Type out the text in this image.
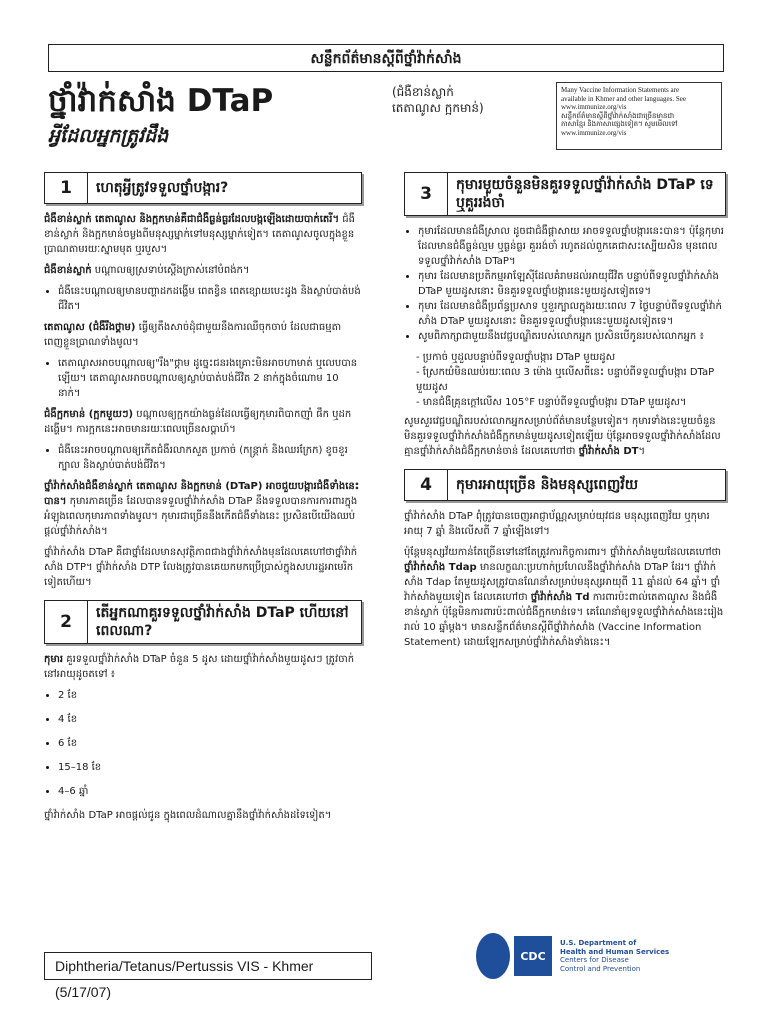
សន្លឹកព័ត៌មានស្តីពីថ្នាំវ៉ាក់សាំង
ថ្នាំវ៉ាក់សាំង DTaP
អ្វីដែលអ្នកត្រូវដឹង
(ជំងឺខាន់ស្លាក់
តេតាណូស ក្អកមាន់)
Many Vaccine Information Statements are
available in Khmer and other languages. See
www.immunize.org/vis
សន្លឹកព័ត៌មានស្តីពីថ្នាំវ៉ាក់សាំងជាច្រើនមានជា
ភាសាខ្មែរ និងភាសាផ្សេងទៀត។ សូមមើលទៅ
www.immunize.org/vis
1	ហេតុអ្វីត្រូវទទួលថ្នាំបង្ការ?

ជំងឺខាន់ស្លាក់ តេតាណូស និងក្អកមាន់គឺជាជំងឺធ្ងន់ធ្ងរដែលបង្កឡើងដោយបាក់តេរី។ ជំងឺខាន់ស្លាក់ និងក្អកមាន់ចម្លងពីមនុស្សម្នាក់ទៅមនុស្សម្នាក់ទៀត។ តេតាណូសចូលក្នុងខ្លួនប្រាណតាមរយៈស្នាមមុត ឬរបួស។

ជំងឺខាន់ស្លាក់ បណ្តាលឲ្យស្រទាប់ស្តើងក្រាស់នៅបំពង់ក។

• ជំងឺនេះបណ្តាលឲ្យមានបញ្ហាដកដង្ហើម ពេតខ្វិន ពេតខ្សោយបេះដូង និងស្លាប់បាត់បង់ជីវិត។

តេតាណូស (ជំងឺរឹងថ្គាម) ធ្វើឲ្យតឹងសាច់ដុំជាមួយនឹងការឈឺចុកចាប់ ដែលជាធម្មតា ពេញខ្លួនប្រាណទាំងមូល។

• តេតាណូសអាចបណ្តាលឲ្យ"រឹង"ថ្គាម ដូច្នេះជនរងគ្រោះមិនអាចហាមាត់ ឬលេបបានឡើយ។ តេតាណូសអាចបណ្តាលឲ្យស្លាប់បាត់បង់ជីវិត 2 នាក់ក្នុងចំណោម 10 នាក់។

ជំងឺក្អកមាន់ (ក្អកមួយៗ) បណ្តាលឲ្យក្អកយ៉ាងធ្ងន់ដែលធ្វើឲ្យកុមារពិបាកញ៉ាំ ផឹក ឬដកដង្ហើម។ ការក្អកនេះអាចមានរយៈពេលច្រើនសប្តាហ៍។

• ជំងឺនេះអាចបណ្តាលឲ្យកើតជំងឺរលាកសួត ប្រកាច់ (កន្ត្រាក់ និងឈរក្រែក) ខូចខួរក្បាល និងស្លាប់បាត់បង់ជីវិត។

ថ្នាំវ៉ាក់សាំងជំងឺខាន់ស្លាក់ តេតាណូស និងក្អកមាន់ (DTaP) អាចជួយបង្ការជំងឺទាំងនេះបាន។ កុមារភាគច្រើន ដែលបានទទួលថ្នាំវ៉ាក់សាំង DTaP នឹងទទួលបានការការពារក្នុងអំឡុងពេលកុមារភាពទាំងមូល។ កុមារជាច្រើននឹងកើតជំងឺទាំងនេះ ប្រសិនបើយើងឈប់ផ្តល់ថ្នាំវ៉ាក់សាំង។

ថ្នាំវ៉ាក់សាំង DTaP គឺជាថ្នាំដែលមានសុវត្ថិភាពជាងថ្នាំវ៉ាក់សាំងមុនដែលគេហៅថាថ្នាំវ៉ាក់សាំង DTP។ ថ្នាំវ៉ាក់សាំង DTP លែងត្រូវបានគេយកមកប្រើប្រាស់ក្នុងសហរដ្ឋអាមេរិកទៀតហើយ។

2	តើអ្នកណាគួរទទួលថ្នាំវ៉ាក់សាំង DTaP ហើយនៅពេលណា?

កុមារ គួរទទួលថ្នាំវ៉ាក់សាំង DTaP ចំនួន 5 ដូស ដោយថ្នាំវ៉ាក់សាំងមួយដូសៗ ត្រូវចាក់នៅអាយុដូចតទៅ ៖

• 2 ខែ
• 4 ខែ
• 6 ខែ
• 15–18 ខែ
• 4–6 ឆ្នាំ

ថ្នាំវ៉ាក់សាំង DTaP អាចផ្តល់ជូន ក្នុងពេលដំណាលគ្នានឹងថ្នាំវ៉ាក់សាំងដទៃទៀត។

3	កុមារមួយចំនួនមិនគួរទទួលថ្នាំវ៉ាក់សាំង DTaP ទេ ឬគួររង់ចាំ
• កុមារដែលមានជំងឺស្រាល ដូចជាជំងឺផ្តាសាយ អាចទទួលថ្នាំបង្ការនេះបាន។ ប៉ុន្តែកុមារ ដែលមានជំងឺធ្ងន់ល្មម ឬធ្ងន់ធ្ងរ គួររង់ចាំ រហូតដល់ពួកគេជាសះស្បើយសិន មុនពេលទទួលថ្នាំវ៉ាក់សាំង DTaP។
• កុមារ ដែលមានប្រតិកម្មអាឡែស៊ីដែលគំរាមដល់អាយុជីវិត បន្ទាប់ពីទទួលថ្នាំវ៉ាក់សាំង DTaP មួយដូសនោះ មិនគួរទទួលថ្នាំបង្ការនេះមួយដូសទៀតទេ។
• កុមារ ដែលមានជំងឺប្រព័ន្ធប្រសាទ ឬខួរក្បាលក្នុងរយៈពេល 7 ថ្ងៃបន្ទាប់ពីទទួលថ្នាំវ៉ាក់សាំង DTaP មួយដូសនោះ មិនគួរទទួលថ្នាំបង្ការនេះមួយដូសទៀតទេ។
• សូមពិភាក្សាជាមួយនឹងវេជ្ជបណ្ឌិតរបស់លោកអ្នក ប្រសិនបើកូនរបស់លោកអ្នក ៖
- ប្រកាច់ ឬដួលបន្ទាប់ពីទទួលថ្នាំបង្ការ DTaP មួយដូស
- ស្រែកយំមិនឈប់រយៈពេល 3 ម៉ោង ឬលើសពីនេះ បន្ទាប់ពីទទួលថ្នាំបង្ការ DTaP មួយដូស
- មានជំងឺគ្រុនក្តៅលើស 105°F បន្ទាប់ពីទទួលថ្នាំបង្ការ DTaP មួយដូស។

សូមសួរវេជ្ជបណ្ឌិតរបស់លោកអ្នកសម្រាប់ព័ត៌មានបន្ថែមទៀត។ កុមារទាំងនេះមួយចំនួនមិនគួរទទួលថ្នាំវ៉ាក់សាំងជំងឺក្អកមាន់មួយដូសទៀតឡើយ ប៉ុន្តែអាចទទួលថ្នាំវ៉ាក់សាំងដែលគ្មានថ្នាំវ៉ាក់សាំងជំងឺក្អកមាន់ចាន់ ដែលគេហៅថា ថ្នាំវ៉ាក់សាំង DT។

4	កុមារអាយុច្រើន និងមនុស្សពេញវ័យ

ថ្នាំវ៉ាក់សាំង DTaP ពុំត្រូវបានចេញអាជ្ញាប័ណ្ណសម្រាប់យុវជន មនុស្សពេញវ័យ ឬកុមារអាយុ 7 ឆ្នាំ និងលើសពី 7 ឆ្នាំឡើងទៅ។

ប៉ុន្តែមនុស្សវ័យកាន់តែច្រើនទៅនៅតែត្រូវការកិច្ចការពារ។ ថ្នាំវ៉ាក់សាំងមួយដែលគេហៅថា ថ្នាំវ៉ាក់សាំង Tdap មានលក្ខណៈប្រហាក់ប្រហែលនឹងថ្នាំវ៉ាក់សាំង DTaP ដែរ។ ថ្នាំវ៉ាក់សាំង Tdap តែមួយដូសត្រូវបានណែនាំសម្រាប់មនុស្សអាយុពី 11 ឆ្នាំដល់ 64 ឆ្នាំ។ ថ្នាំវ៉ាក់សាំងមួយទៀត ដែលគេហៅថា ថ្នាំវ៉ាក់សាំង Td ការពារប៉ះពាល់តេតាណូស និងជំងឺខាន់ស្លាក់ ប៉ុន្តែមិនការពារប៉ះពាល់ជំងឺក្អកមាន់ទេ។ គេណែនាំឲ្យទទួលថ្នាំវ៉ាក់សាំងនេះរៀងរាល់ 10 ឆ្នាំម្តង។ មានសន្លឹកព័ត៌មានស្តីពីថ្នាំវ៉ាក់សាំង (Vaccine Information Statement) ដោយឡែកសម្រាប់ថ្នាំវ៉ាក់សាំងទាំងនេះ។

Diphtheria/Tetanus/Pertussis VIS - Khmer (5/17/07)
CDC
U.S. Department of
Health and Human Services
Centers for Disease
Control and Prevention
